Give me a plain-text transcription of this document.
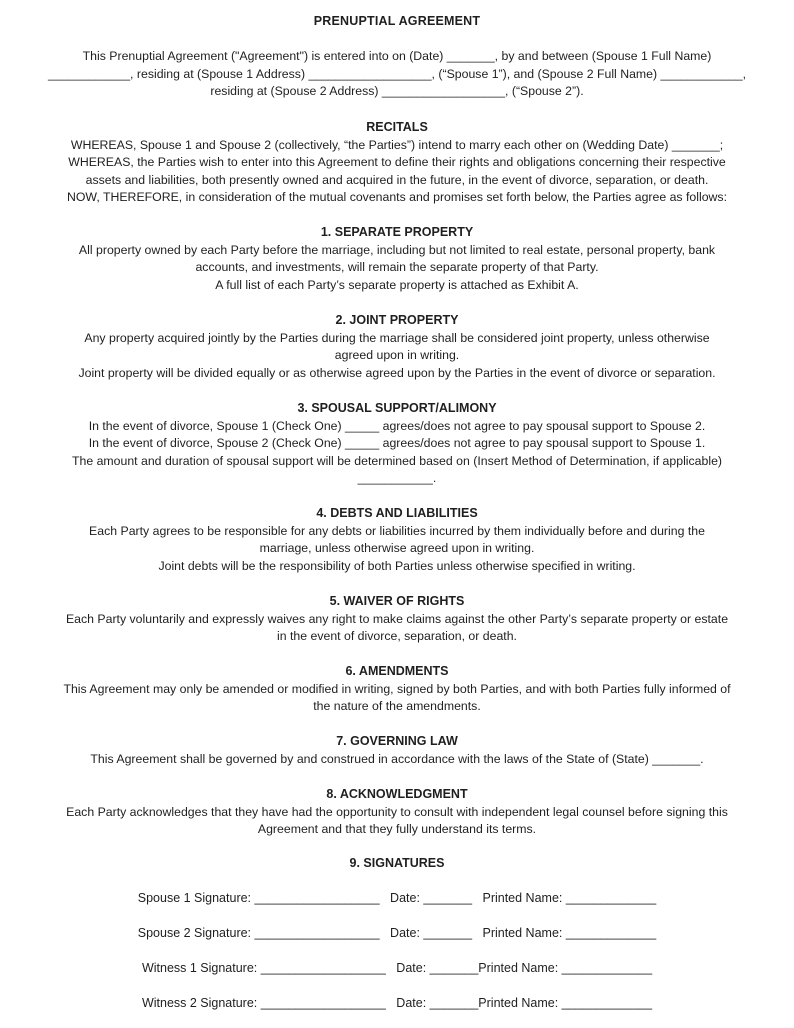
PRENUPTIAL AGREEMENT

This Prenuptial Agreement ("Agreement") is entered into on (Date) _______, by and between (Spouse 1 Full Name)

____________, residing at (Spouse 1 Address) __________________, (“Spouse 1”), and (Spouse 2 Full Name) ____________,

residing at (Spouse 2 Address) __________________, (“Spouse 2”).

RECITALS

WHEREAS, Spouse 1 and Spouse 2 (collectively, “the Parties”) intend to marry each other on (Wedding Date) _______;

WHEREAS, the Parties wish to enter into this Agreement to define their rights and obligations concerning their respective

assets and liabilities, both presently owned and acquired in the future, in the event of divorce, separation, or death.

NOW, THEREFORE, in consideration of the mutual covenants and promises set forth below, the Parties agree as follows:

1. SEPARATE PROPERTY

All property owned by each Party before the marriage, including but not limited to real estate, personal property, bank

accounts, and investments, will remain the separate property of that Party.

A full list of each Party’s separate property is attached as Exhibit A.

2. JOINT PROPERTY

Any property acquired jointly by the Parties during the marriage shall be considered joint property, unless otherwise

agreed upon in writing.

Joint property will be divided equally or as otherwise agreed upon by the Parties in the event of divorce or separation.

3. SPOUSAL SUPPORT/ALIMONY

In the event of divorce, Spouse 1 (Check One) _____ agrees/does not agree to pay spousal support to Spouse 2.

In the event of divorce, Spouse 2 (Check One) _____ agrees/does not agree to pay spousal support to Spouse 1.

The amount and duration of spousal support will be determined based on (Insert Method of Determination, if applicable)

___________.

4. DEBTS AND LIABILITIES

Each Party agrees to be responsible for any debts or liabilities incurred by them individually before and during the

marriage, unless otherwise agreed upon in writing.

Joint debts will be the responsibility of both Parties unless otherwise specified in writing.

5. WAIVER OF RIGHTS

Each Party voluntarily and expressly waives any right to make claims against the other Party’s separate property or estate

in the event of divorce, separation, or death.

6. AMENDMENTS

This Agreement may only be amended or modified in writing, signed by both Parties, and with both Parties fully informed of

the nature of the amendments.

7. GOVERNING LAW

This Agreement shall be governed by and construed in accordance with the laws of the State of (State) _______.

8. ACKNOWLEDGMENT

Each Party acknowledges that they have had the opportunity to consult with independent legal counsel before signing this

Agreement and that they fully understand its terms.

9. SIGNATURES

Spouse 1 Signature: __________________   Date: _______   Printed Name: _____________
Spouse 2 Signature: __________________   Date: _______   Printed Name: _____________
Witness 1 Signature: __________________   Date: _______Printed Name: _____________
Witness 2 Signature: __________________   Date: _______Printed Name: _____________
